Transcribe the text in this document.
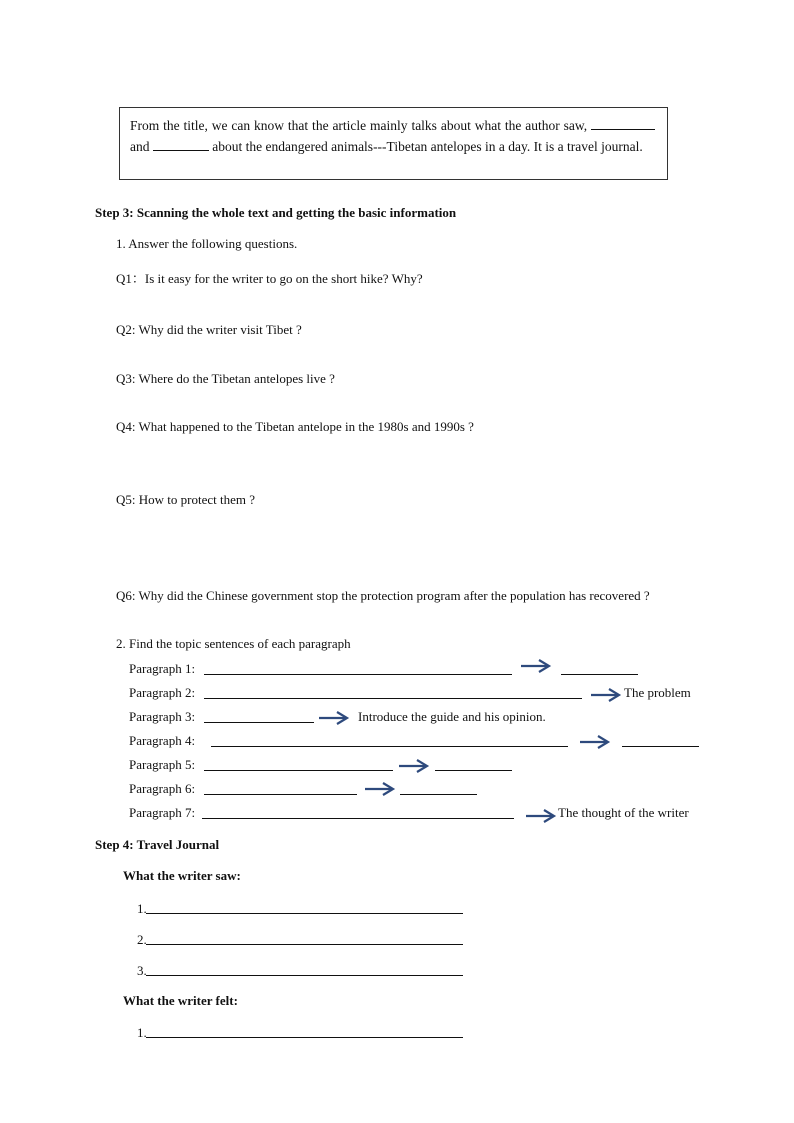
From the title, we can know that the article mainly talks about what the author saw,  and	about the endangered animals---Tibetan antelopes in a day. It is a travel journal.
Step 3: Scanning the whole text and getting the basic information
1. Answer the following questions.
Q1：Is it easy for the writer to go on the short hike? Why?
Q2: Why did the writer visit Tibet ?
Q3: Where do the Tibetan antelopes live ?
Q4: What happened to the Tibetan antelope in the 1980s and 1990s ?
Q5: How to protect them ?
Q6: Why did the Chinese government stop the protection program after the population has recovered ?
2. Find the topic sentences of each paragraph
Paragraph 1:
Paragraph 2:	The problem
Paragraph 3:	Introduce the guide and his opinion.
Paragraph 4:
Paragraph 5:
Paragraph 6:
Paragraph 7:	The thought of the writer
Step 4: Travel Journal
What the writer saw:
1.
2.
3.
What the writer felt:
1.
